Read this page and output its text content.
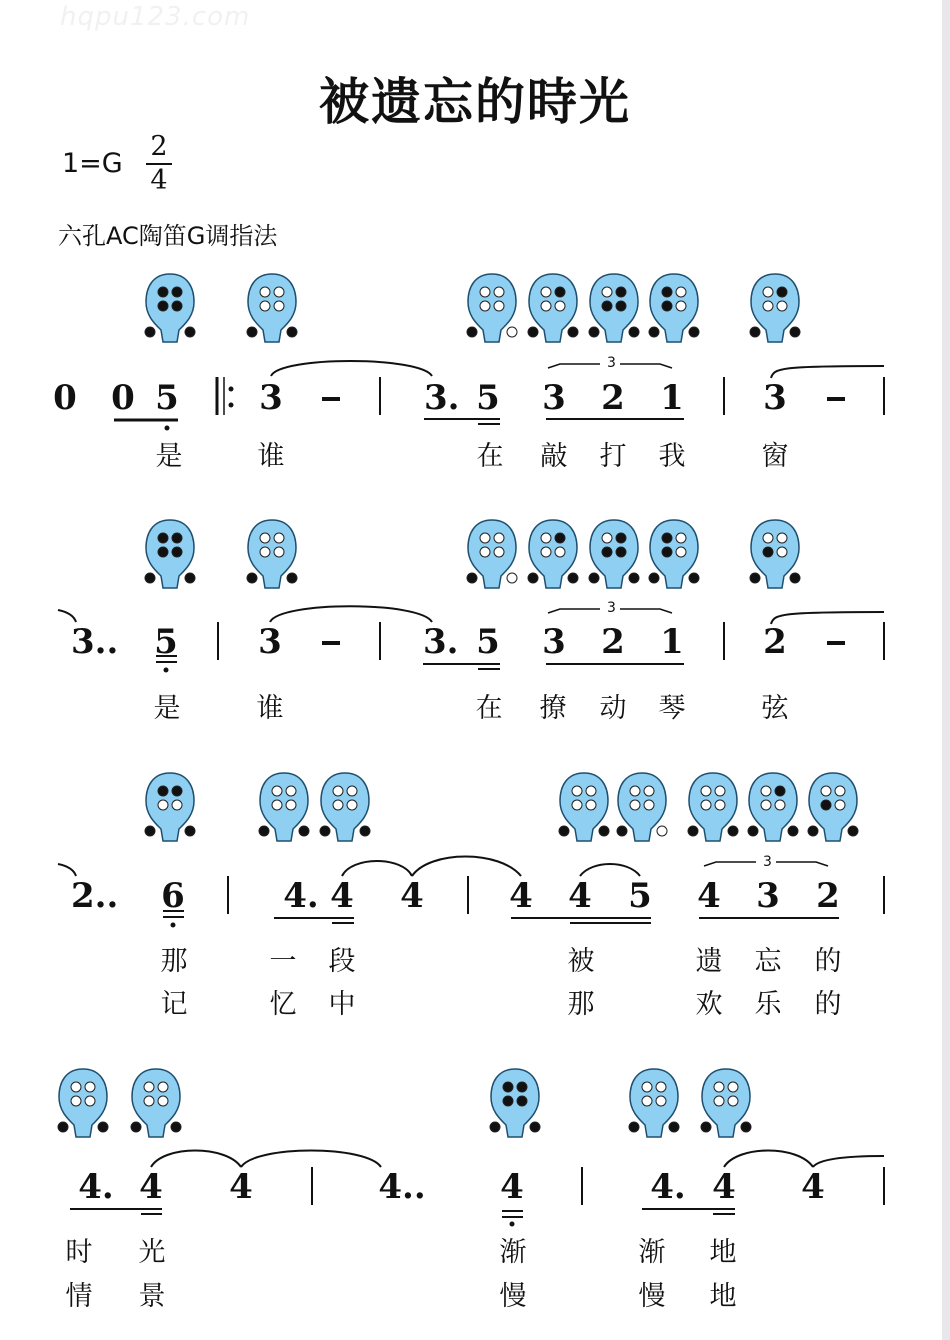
hqpu123.com
被遗忘的時光
1=G
2
4
六孔AC陶笛G调指法
0 0 5 3	3. 5 3 2 1 3
是	谁	在 敲 打 我	窗
3
3..	5 3	3. 5 3 2 1 2
是	谁	在 撩 动 琴	弦
3
2..	6	4. 4 4	4 4 5 4 3 2
那	一 段	被	遗 忘 的
记	忆 中	那	欢 乐 的
3
4. 4 4	4.. 4	4. 4 4
时 光	渐	渐 地
情 景	慢	慢 地
